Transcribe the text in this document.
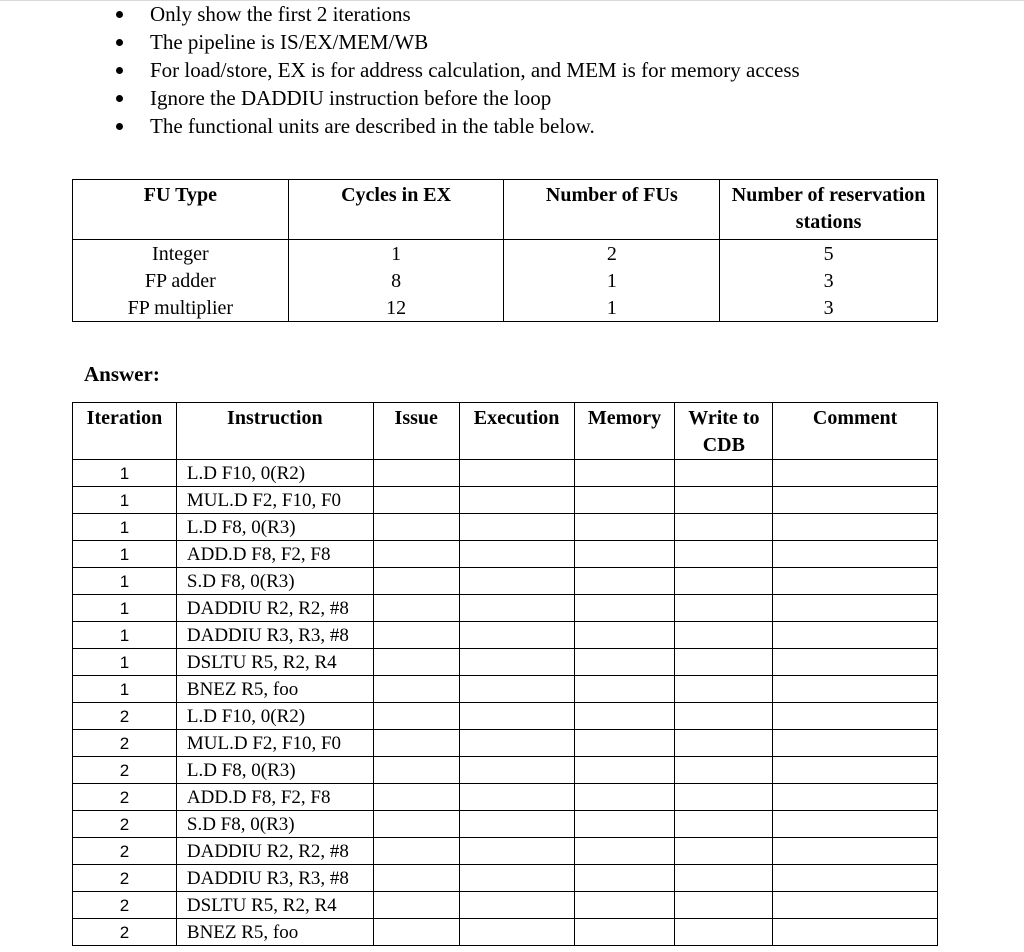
Only show the first 2 iterations
The pipeline is IS/EX/MEM/WB
For load/store, EX is for address calculation, and MEM is for memory access
Ignore the DADDIU instruction before the loop
The functional units are described in the table below.
FU Type	Cycles in EX	Number of FUs	Number of reservation stations
Integer	1	2	5
FP adder	8	1	3
FP multiplier	12	1	3
Answer:
Iteration	Instruction	Issue	Execution	Memory	Write to CDB	Comment
1	L.D F10, 0(R2)					
1	MUL.D F2, F10, F0					
1	L.D F8, 0(R3)					
1	ADD.D F8, F2, F8					
1	S.D F8, 0(R3)					
1	DADDIU R2, R2, #8					
1	DADDIU R3, R3, #8					
1	DSLTU R5, R2, R4					
1	BNEZ R5, foo					
2	L.D F10, 0(R2)					
2	MUL.D F2, F10, F0					
2	L.D F8, 0(R3)					
2	ADD.D F8, F2, F8					
2	S.D F8, 0(R3)					
2	DADDIU R2, R2, #8					
2	DADDIU R3, R3, #8					
2	DSLTU R5, R2, R4					
2	BNEZ R5, foo					
